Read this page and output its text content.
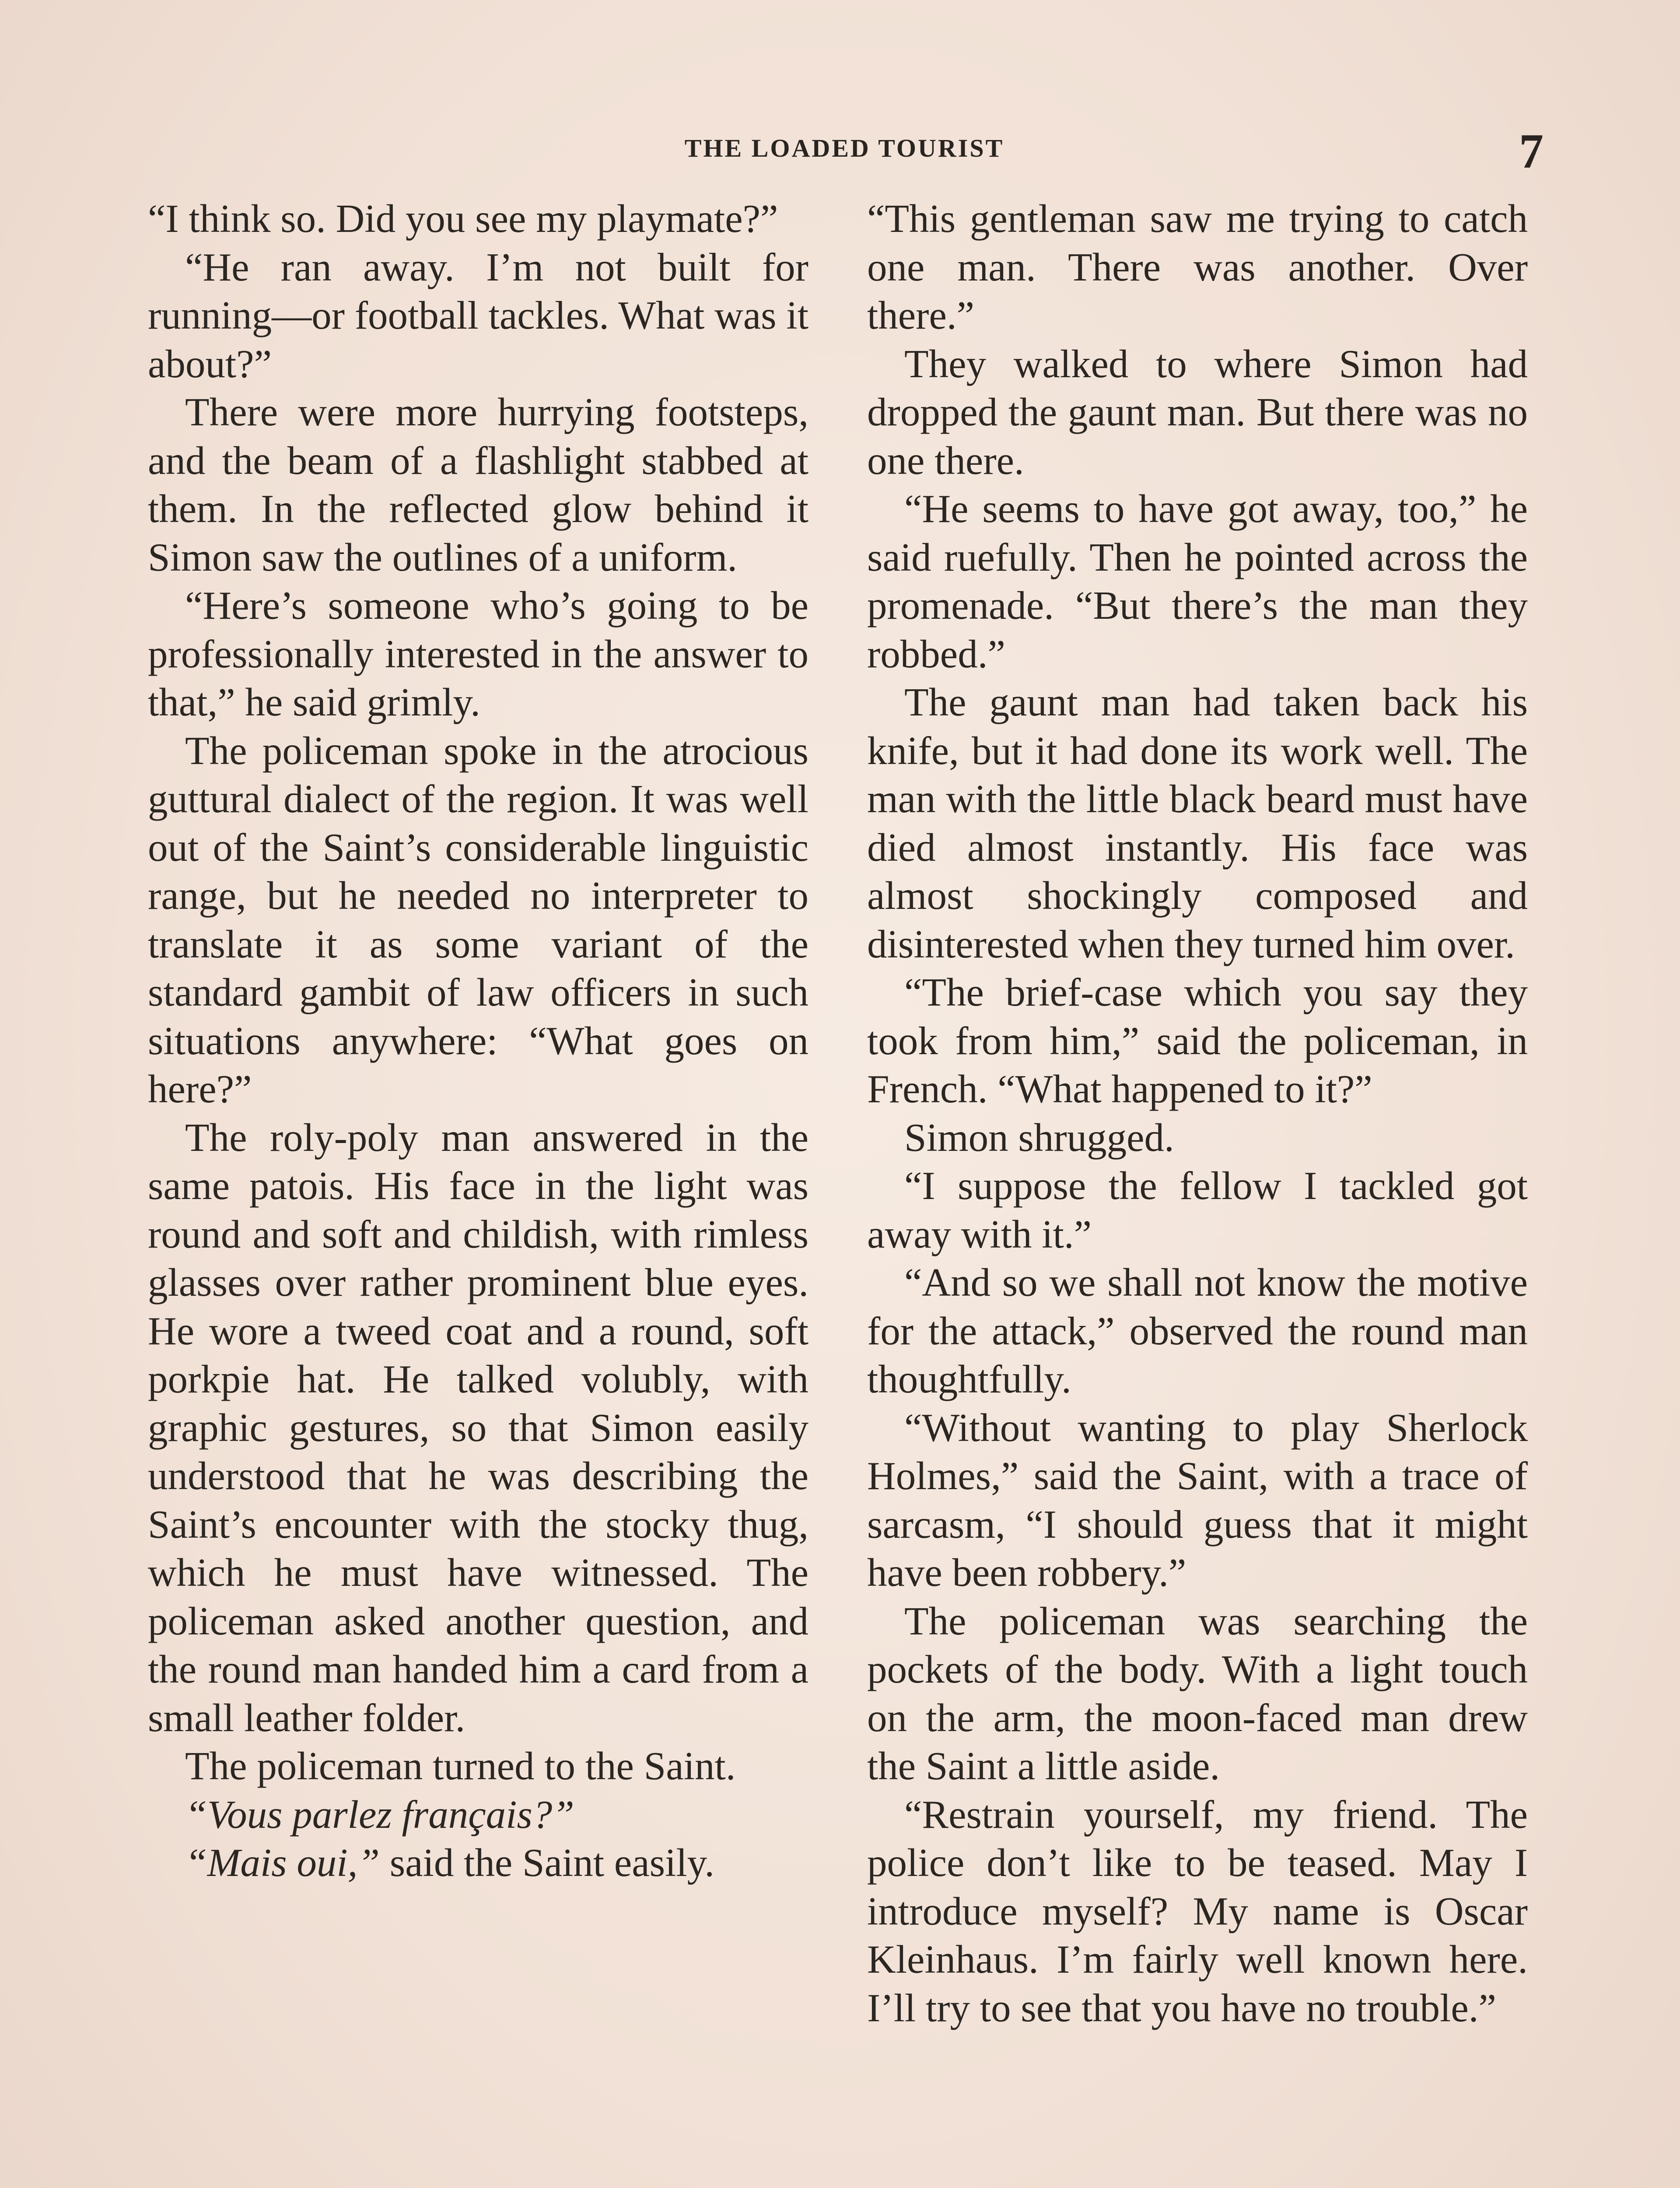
THE LOADED TOURIST	7

“I think so. Did you see my playmate?”

“He ran away. I’m not built for running—or football tackles. What was it about?”

There were more hurrying footsteps, and the beam of a flashlight stabbed at them. In the reflected glow behind it Simon saw the outlines of a uniform.

“Here’s someone who’s going to be professionally interested in the answer to that,” he said grimly.

The policeman spoke in the atrocious guttural dialect of the region. It was well out of the Saint’s considerable linguistic range, but he needed no interpreter to translate it as some variant of the standard gambit of law officers in such situations anywhere: “What goes on here?”

The roly-poly man answered in the same patois. His face in the light was round and soft and childish, with rimless glasses over rather prominent blue eyes. He wore a tweed coat and a round, soft porkpie hat. He talked volubly, with graphic gestures, so that Simon easily understood that he was describing the Saint’s encounter with the stocky thug, which he must have witnessed. The policeman asked another question, and the round man handed him a card from a small leather folder.

The policeman turned to the Saint.

“Vous parlez français?”

“Mais oui,” said the Saint easily.

“This gentleman saw me trying to catch one man. There was another. Over there.”

They walked to where Simon had dropped the gaunt man. But there was no one there.

“He seems to have got away, too,” he said ruefully. Then he pointed across the promenade. “But there’s the man they robbed.”

The gaunt man had taken back his knife, but it had done its work well. The man with the little black beard must have died almost instantly. His face was almost shockingly composed and disinterested when they turned him over.

“The brief-case which you say they took from him,” said the policeman, in French. “What happened to it?”

Simon shrugged.

“I suppose the fellow I tackled got away with it.”

“And so we shall not know the motive for the attack,” observed the round man thoughtfully.

“Without wanting to play Sherlock Holmes,” said the Saint, with a trace of sarcasm, “I should guess that it might have been robbery.”

The policeman was searching the pockets of the body. With a light touch on the arm, the moon-faced man drew the Saint a little aside.

“Restrain yourself, my friend. The police don’t like to be teased. May I introduce myself? My name is Oscar Kleinhaus. I’m fairly well known here. I’ll try to see that you have no trouble.”
